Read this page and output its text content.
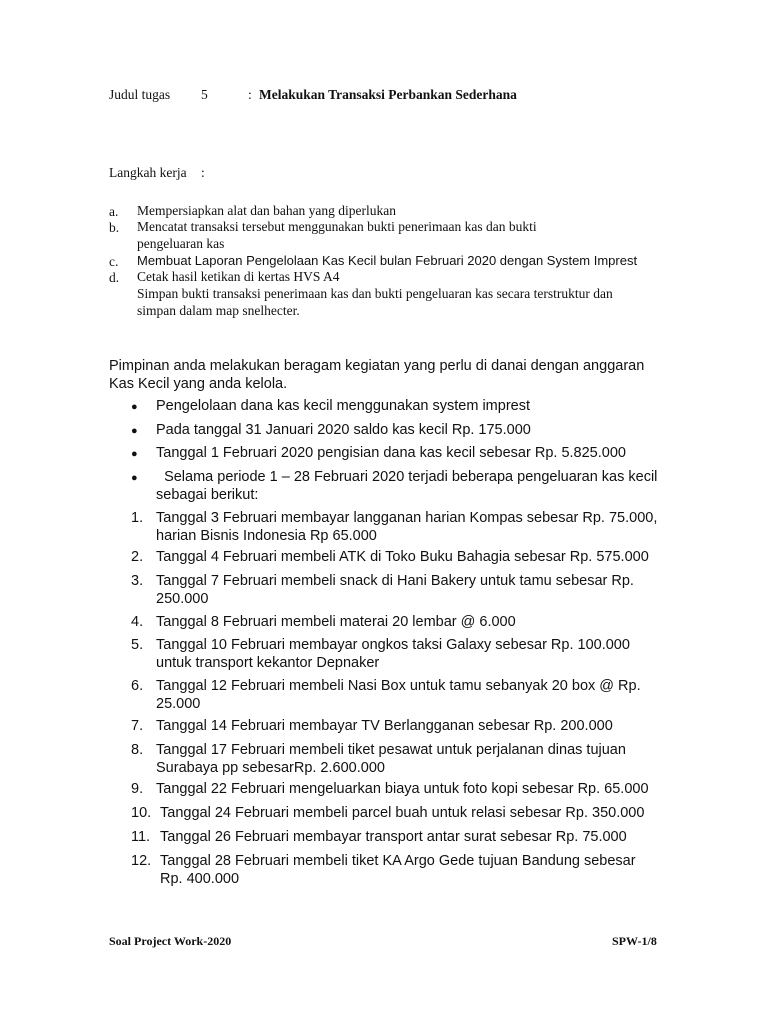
Judul tugas 5	: Melakukan Transaksi Perbankan Sederhana
Langkah kerja :
a. Mempersiapkan alat dan bahan yang diperlukan
b. Mencatat transaksi tersebut menggunakan bukti penerimaan kas dan bukti
pengeluaran kas
c. Membuat Laporan Pengelolaan Kas Kecil bulan Februari 2020 dengan System Imprest
d. Cetak hasil ketikan di kertas HVS A4
Simpan bukti transaksi penerimaan kas dan bukti pengeluaran kas secara terstruktur dan
simpan dalam map snelhecter.
Pimpinan anda melakukan beragam kegiatan yang perlu di danai dengan anggaran Kas Kecil yang anda kelola.
● Pengelolaan dana kas kecil menggunakan system imprest
● Pada tanggal 31 Januari 2020 saldo kas kecil Rp. 175.000
● Tanggal 1 Februari 2020 pengisian dana kas kecil sebesar Rp. 5.825.000
● Selama periode 1 – 28 Februari 2020 terjadi beberapa pengeluaran kas kecil sebagai berikut:
1. Tanggal 3 Februari membayar langganan harian Kompas sebesar Rp. 75.000, harian Bisnis Indonesia Rp 65.000
2. Tanggal 4 Februari membeli ATK di Toko Buku Bahagia sebesar Rp. 575.000
3. Tanggal 7 Februari membeli snack di Hani Bakery untuk tamu sebesar Rp. 250.000
4. Tanggal 8 Februari membeli materai 20 lembar @ 6.000
5. Tanggal 10 Februari membayar ongkos taksi Galaxy sebesar Rp. 100.000 untuk transport kekantor Depnaker
6. Tanggal 12 Februari membeli Nasi Box untuk tamu sebanyak 20 box @ Rp. 25.000
7. Tanggal 14 Februari membayar TV Berlangganan sebesar Rp. 200.000
8. Tanggal 17 Februari membeli tiket pesawat untuk perjalanan dinas tujuan Surabaya pp sebesarRp. 2.600.000
9. Tanggal 22 Februari mengeluarkan biaya untuk foto kopi sebesar Rp. 65.000
10. Tanggal 24 Februari membeli parcel buah untuk relasi sebesar Rp. 350.000
11. Tanggal 26 Februari membayar transport antar surat sebesar Rp. 75.000
12. Tanggal 28 Februari membeli tiket KA Argo Gede tujuan Bandung sebesar Rp. 400.000
Soal Project Work-2020	SPW-1/8
